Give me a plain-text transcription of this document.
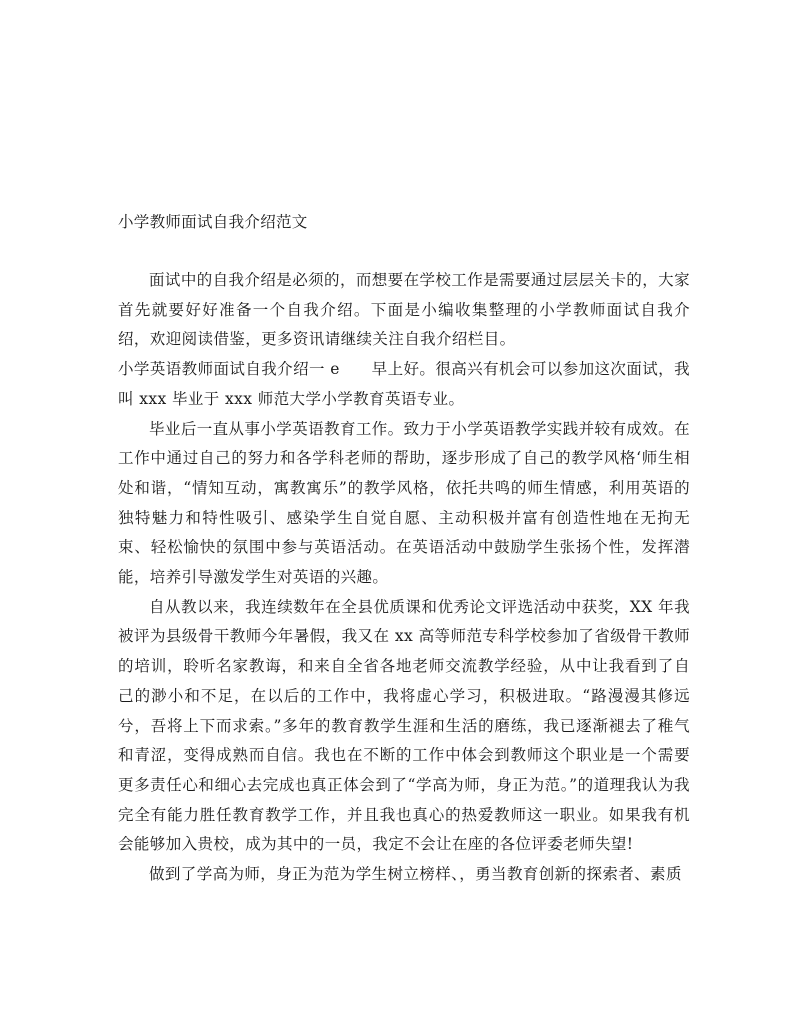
小学教师面试自我介绍范文

面试中的自我介绍是必须的，而想要在学校工作是需要通过层层关卡的，大家首先就要好好准备一个自我介绍。下面是小编收集整理的小学教师面试自我介绍，欢迎阅读借鉴，更多资讯请继续关注自我介绍栏目。

小学英语教师面试自我介绍一 e　　早上好。很高兴有机会可以参加这次面试，我叫 xxx 毕业于 xxx 师范大学小学教育英语专业。

毕业后一直从事小学英语教育工作。致力于小学英语教学实践并较有成效。在工作中通过自己的努力和各学科老师的帮助，逐步形成了自己的教学风格‘师生相处和谐，“情知互动，寓教寓乐”的教学风格，依托共鸣的师生情感，利用英语的独特魅力和特性吸引、感染学生自觉自愿、主动积极并富有创造性地在无拘无束、轻松愉快的氛围中参与英语活动。在英语活动中鼓励学生张扬个性，发挥潜能，培养引导激发学生对英语的兴趣。

自从教以来，我连续数年在全县优质课和优秀论文评选活动中获奖，XX 年我被评为县级骨干教师今年暑假，我又在 xx 高等师范专科学校参加了省级骨干教师的培训，聆听名家教诲，和来自全省各地老师交流教学经验，从中让我看到了自己的渺小和不足，在以后的工作中，我将虚心学习，积极进取。“路漫漫其修远兮，吾将上下而求索。”多年的教育教学生涯和生活的磨练，我已逐渐褪去了稚气和青涩，变得成熟而自信。我也在不断的工作中体会到教师这个职业是一个需要更多责任心和细心去完成也真正体会到了“学高为师，身正为范。”的道理我认为我完全有能力胜任教育教学工作，并且我也真心的热爱教师这一职业。如果我有机会能够加入贵校，成为其中的一员，我定不会让在座的各位评委老师失望!

做到了学高为师，身正为范为学生树立榜样、，勇当教育创新的探索者、素质
